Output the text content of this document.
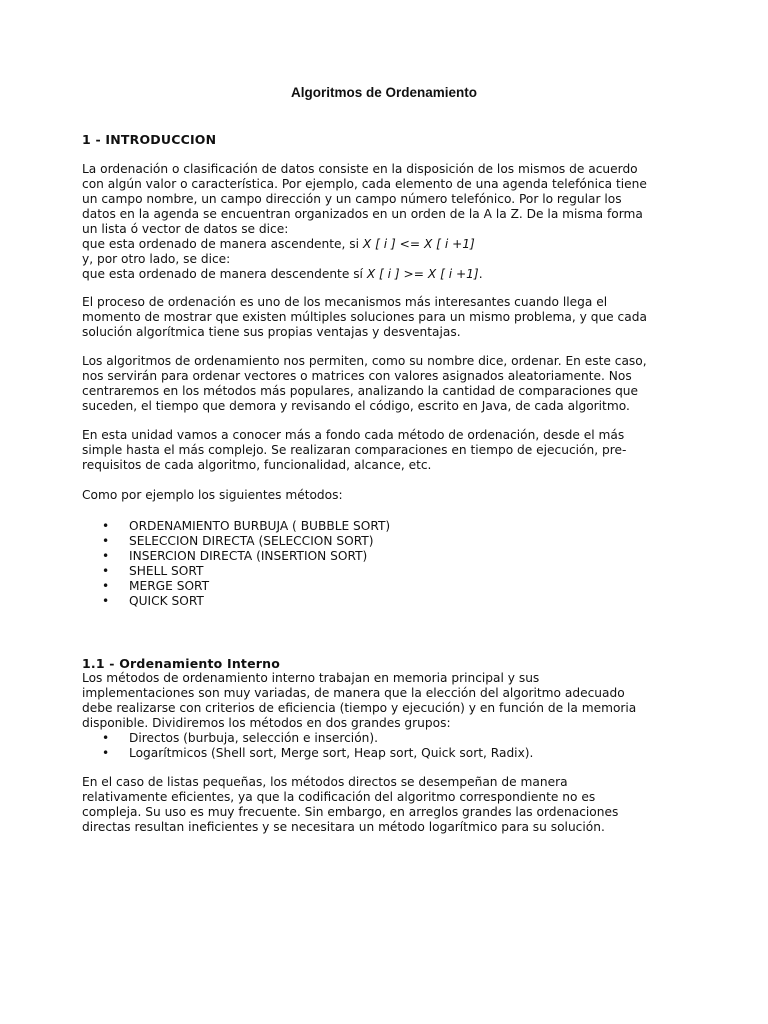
Algoritmos de Ordenamiento
1 - INTRODUCCION
La ordenación o clasificación de datos consiste en la disposición de los mismos de acuerdo
con algún valor o característica. Por ejemplo, cada elemento de una agenda telefónica tiene
un campo nombre, un campo dirección y un campo número telefónico. Por lo regular los
datos en la agenda se encuentran organizados en un orden de la A la Z. De la misma forma
un lista ó vector de datos se dice:
que esta ordenado de manera ascendente, si X [ i ] <= X [ i +1]
y, por otro lado, se dice:
que esta ordenado de manera descendente sí X [ i ] >= X [ i +1].
El proceso de ordenación es uno de los mecanismos más interesantes cuando llega el
momento de mostrar que existen múltiples soluciones para un mismo problema, y que cada
solución algorítmica tiene sus propias ventajas y desventajas.
Los algoritmos de ordenamiento nos permiten, como su nombre dice, ordenar. En este caso,
nos servirán para ordenar vectores o matrices con valores asignados aleatoriamente. Nos
centraremos en los métodos más populares, analizando la cantidad de comparaciones que
suceden, el tiempo que demora y revisando el código, escrito en Java, de cada algoritmo.
En esta unidad vamos a conocer más a fondo cada método de ordenación, desde el más
simple hasta el más complejo. Se realizaran comparaciones en tiempo de ejecución, pre-
requisitos de cada algoritmo, funcionalidad, alcance, etc.
Como por ejemplo los siguientes métodos:
• ORDENAMIENTO BURBUJA ( BUBBLE SORT)
• SELECCION DIRECTA (SELECCION SORT)
• INSERCION DIRECTA (INSERTION SORT)
• SHELL SORT
• MERGE SORT
• QUICK SORT
1.1 - Ordenamiento Interno
Los métodos de ordenamiento interno trabajan en memoria principal y sus
implementaciones son muy variadas, de manera que la elección del algoritmo adecuado
debe realizarse con criterios de eficiencia (tiempo y ejecución) y en función de la memoria
disponible. Dividiremos los métodos en dos grandes grupos:
• Directos (burbuja, selección e inserción).
• Logarítmicos (Shell sort, Merge sort, Heap sort, Quick sort, Radix).
En el caso de listas pequeñas, los métodos directos se desempeñan de manera
relativamente eficientes, ya que la codificación del algoritmo correspondiente no es
compleja. Su uso es muy frecuente. Sin embargo, en arreglos grandes las ordenaciones
directas resultan ineficientes y se necesitara un método logarítmico para su solución.
